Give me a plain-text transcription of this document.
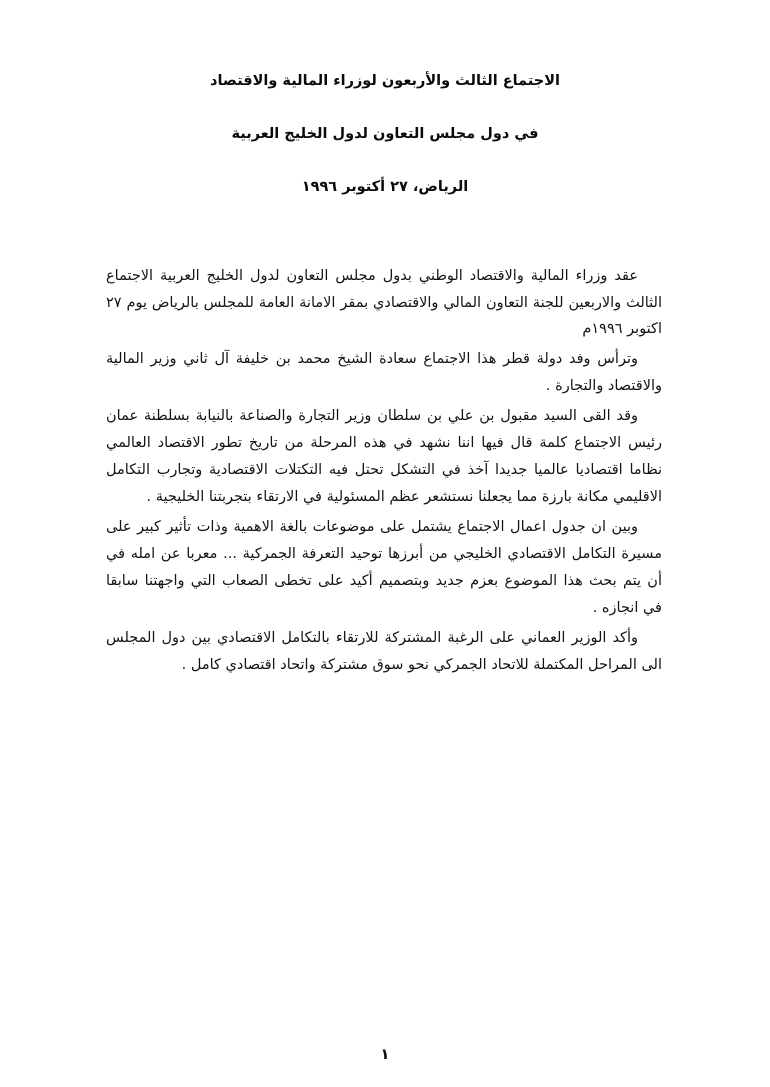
الاجتماع الثالث والأربعون لوزراء المالية والاقتصاد
في دول مجلس التعاون لدول الخليج العربية
الرياض، ٢٧ أكتوبر ١٩٩٦

عقد وزراء المالية والاقتصاد الوطني بدول مجلس التعاون لدول الخليج العربية الاجتماع الثالث والاربعين للجنة التعاون المالي والاقتصادي بمقر الامانة العامة للمجلس بالرياض يوم ٢٧ اكتوبر ١٩٩٦م

وترأس وفد دولة قطر هذا الاجتماع سعادة الشيخ محمد بن خليفة آل ثاني وزير المالية والاقتصاد والتجارة .

وقد القى السيد مقبول بن علي بن سلطان وزير التجارة والصناعة بالنيابة بسلطنة عمان رئيس الاجتماع كلمة قال فيها اننا نشهد في هذه المرحلة من تاريخ تطور الاقتصاد العالمي نظاما اقتصاديا عالميا جديدا آخذ في التشكل تحتل فيه التكتلات الاقتصادية وتجارب التكامل الاقليمي مكانة بارزة مما يجعلنا نستشعر عظم المسئولية في الارتقاء بتجربتنا الخليجية .

وبين ان جدول اعمال الاجتماع يشتمل على موضوعات بالغة الاهمية وذات تأثير كبير على مسيرة التكامل الاقتصادي الخليجي من أبرزها توحيد التعرفة الجمركية ... معربا عن امله في أن يتم بحث هذا الموضوع بعزم جديد وبتصميم أكيد على تخطى الصعاب التي واجهتنا سابقا في انجازه .

وأكد الوزير العماني على الرغبة المشتركة للارتقاء بالتكامل الاقتصادي بين دول المجلس الى المراحل المكتملة للاتحاد الجمركي نحو سوق مشتركة واتحاد اقتصادي كامل .

١
